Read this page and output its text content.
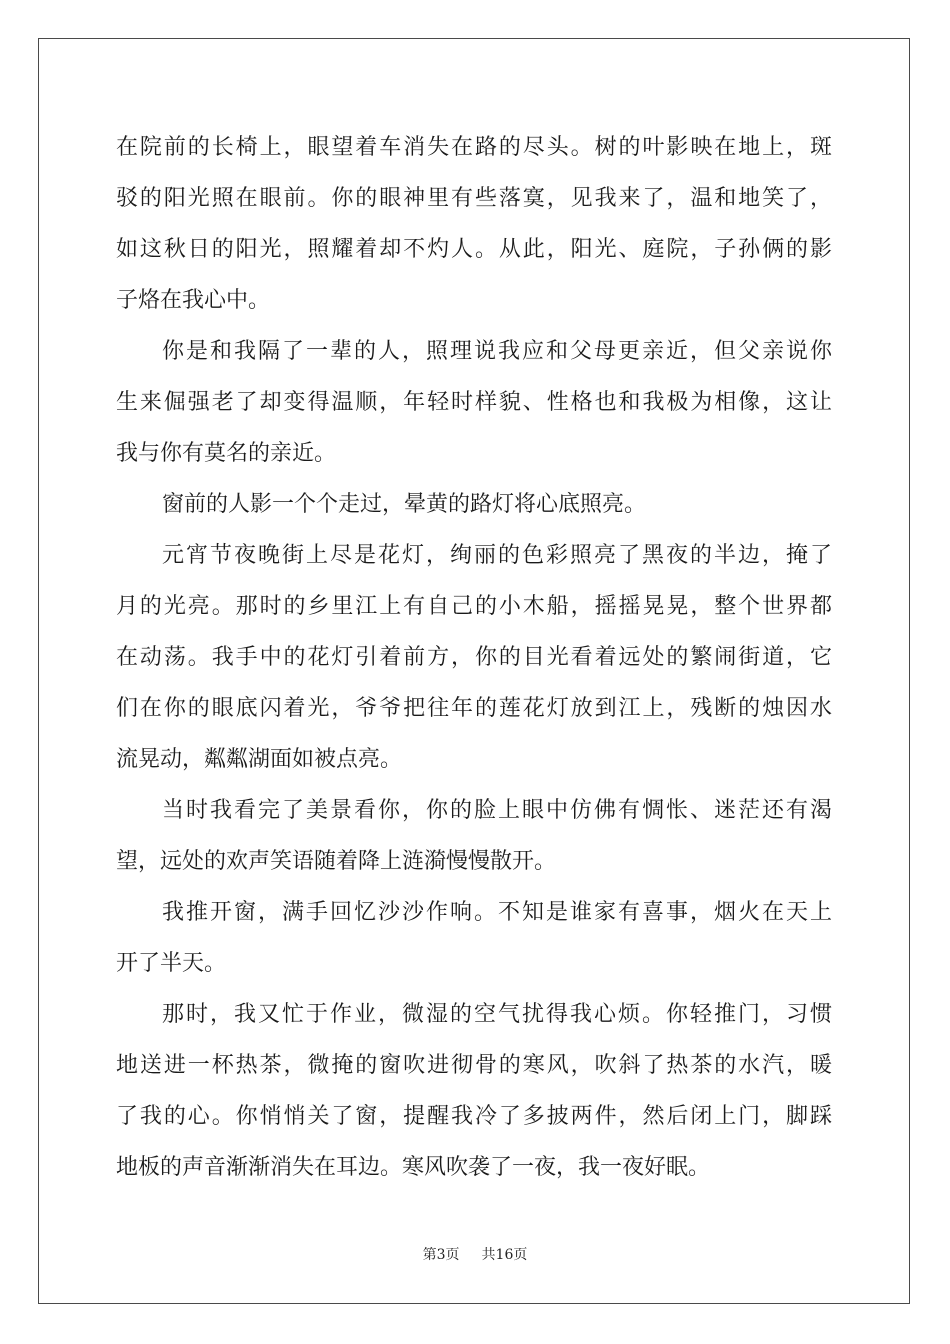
在院前的长椅上，眼望着车消失在路的尽头。树的叶影映在地上，斑
驳的阳光照在眼前。你的眼神里有些落寞，见我来了，温和地笑了，
如这秋日的阳光，照耀着却不灼人。从此，阳光、庭院，子孙俩的影
子烙在我心中。

你是和我隔了一辈的人，照理说我应和父母更亲近，但父亲说你
生来倔强老了却变得温顺，年轻时样貌、性格也和我极为相像，这让
我与你有莫名的亲近。

窗前的人影一个个走过，晕黄的路灯将心底照亮。

元宵节夜晚街上尽是花灯，绚丽的色彩照亮了黑夜的半边，掩了
月的光亮。那时的乡里江上有自己的小木船，摇摇晃晃，整个世界都
在动荡。我手中的花灯引着前方，你的目光看着远处的繁闹街道，它
们在你的眼底闪着光，爷爷把往年的莲花灯放到江上，残断的烛因水
流晃动，粼粼湖面如被点亮。

当时我看完了美景看你，你的脸上眼中仿佛有惆怅、迷茫还有渴
望，远处的欢声笑语随着降上涟漪慢慢散开。

我推开窗，满手回忆沙沙作响。不知是谁家有喜事，烟火在天上
开了半天。

那时，我又忙于作业，微湿的空气扰得我心烦。你轻推门，习惯
地送进一杯热茶，微掩的窗吹进彻骨的寒风，吹斜了热茶的水汽，暖
了我的心。你悄悄关了窗，提醒我冷了多披两件，然后闭上门，脚踩
地板的声音渐渐消失在耳边。寒风吹袭了一夜，我一夜好眠。

第3页 共16页
